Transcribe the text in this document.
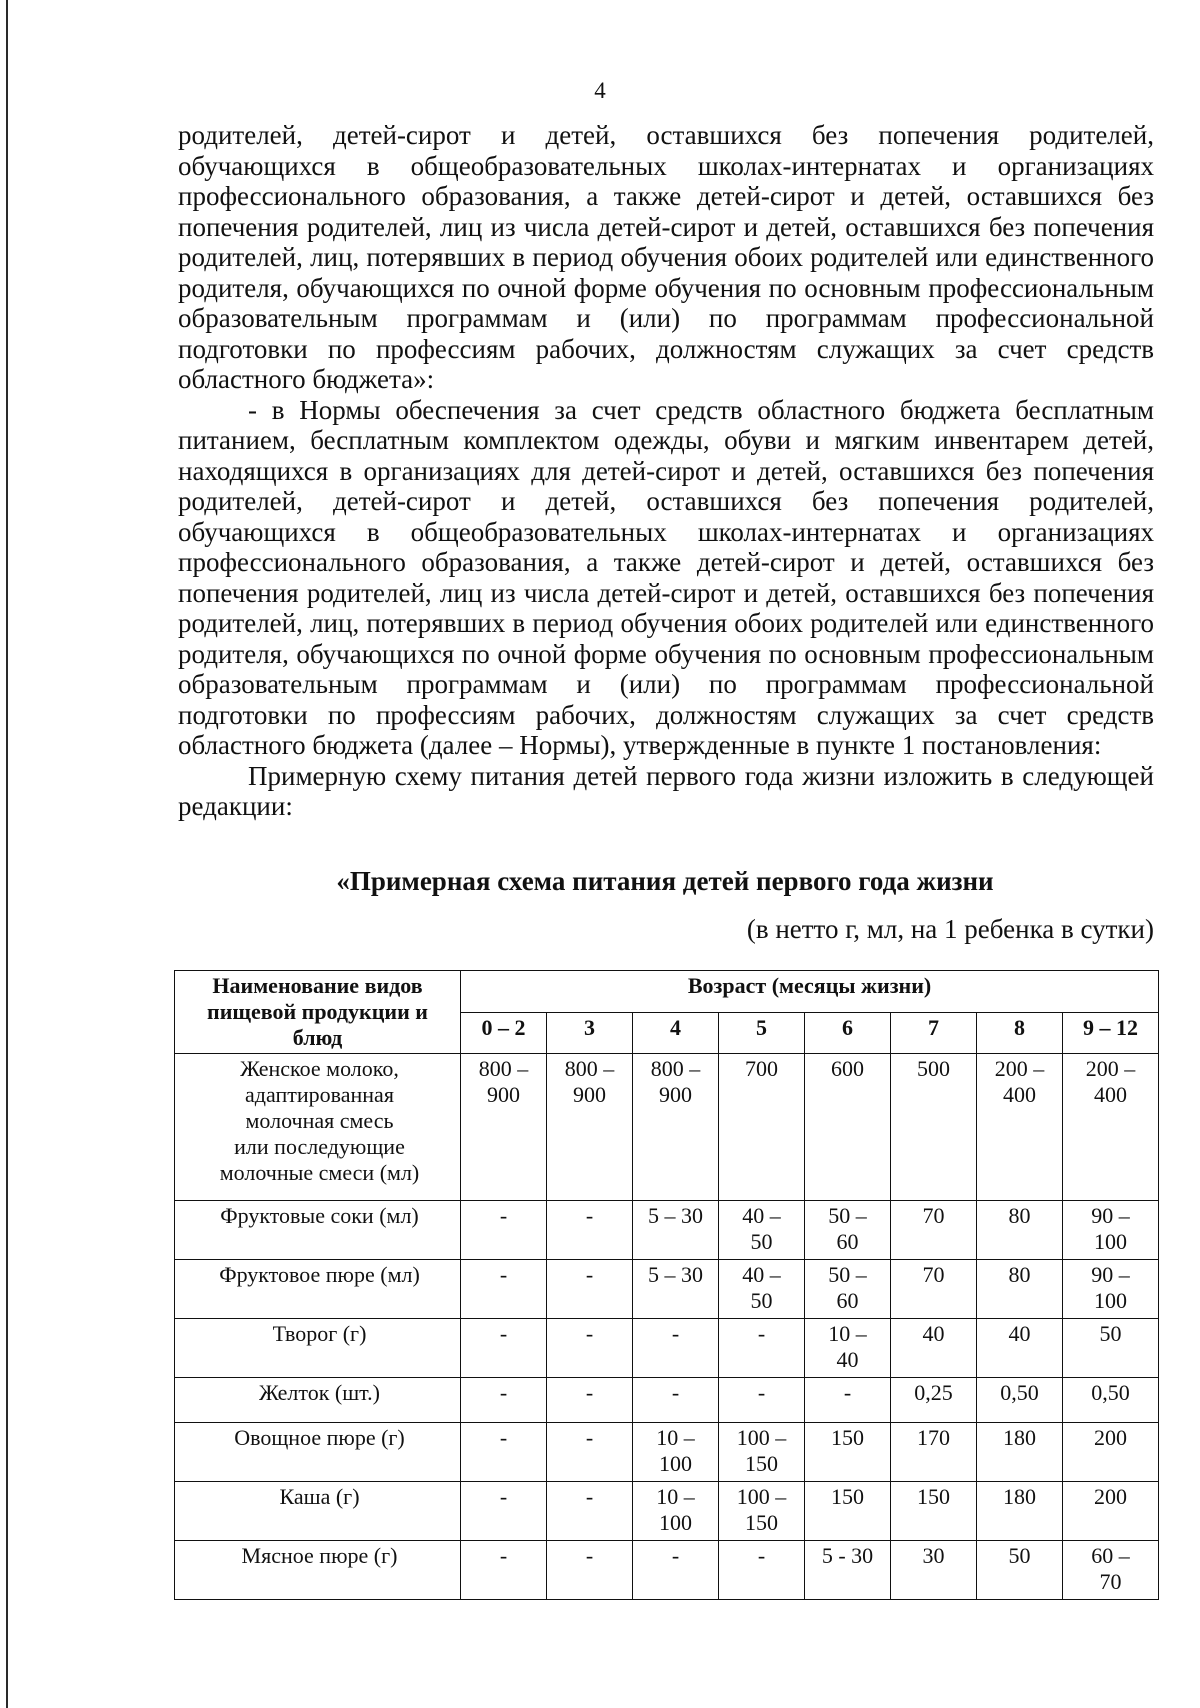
4

родителей, детей-сирот и детей, оставшихся без попечения родителей, обучающихся в общеобразовательных школах-интернатах и организациях профессионального образования, а также детей-сирот и детей, оставшихся без попечения родителей, лиц из числа детей-сирот и детей, оставшихся без попечения родителей, лиц, потерявших в период обучения обоих родителей или единственного родителя, обучающихся по очной форме обучения по основным профессиональным образовательным программам и (или) по программам профессиональной подготовки по профессиям рабочих, должностям служащих за счет средств областного бюджета»:

- в Нормы обеспечения за счет средств областного бюджета бесплатным питанием, бесплатным комплектом одежды, обуви и мягким инвентарем детей, находящихся в организациях для детей-сирот и детей, оставшихся без попечения родителей, детей-сирот и детей, оставшихся без попечения родителей, обучающихся в общеобразовательных школах-интернатах и организациях профессионального образования, а также детей-сирот и детей, оставшихся без попечения родителей, лиц из числа детей-сирот и детей, оставшихся без попечения родителей, лиц, потерявших в период обучения обоих родителей или единственного родителя, обучающихся по очной форме обучения по основным профессиональным образовательным программам и (или) по программам профессиональной подготовки по профессиям рабочих, должностям служащих за счет средств областного бюджета (далее – Нормы), утвержденные в пункте 1 постановления:

Примерную схему питания детей первого года жизни изложить в следующей редакции:

«Примерная схема питания детей первого года жизни
(в нетто г, мл, на 1 ребенка в сутки)
Наименование видов пищевой продукции и блюд	Возраст (месяцы жизни)							
	0 – 2	3	4	5	6	7	8	9 – 12
Женское молоко,
адаптированная
молочная смесь
или последующие
молочные смеси (мл)	800 –
900	800 –
900	800 –
900	700	600	500	200 –
400	200 –
400
Фруктовые соки (мл)	-	-	5 – 30	40 –
50	50 –
60	70	80	90 –
100
Фруктовое пюре (мл)	-	-	5 – 30	40 –
50	50 –
60	70	80	90 –
100
Творог (г)	-	-	-	-	10 –
40	40	40	50
Желток (шт.)	-	-	-	-	-	0,25	0,50	0,50
Овощное пюре (г)	-	-	10 –
100	100 –
150	150	170	180	200
Каша (г)	-	-	10 –
100	100 –
150	150	150	180	200
Мясное пюре (г)	-	-	-	-	5 - 30	30	50	60 –
70
